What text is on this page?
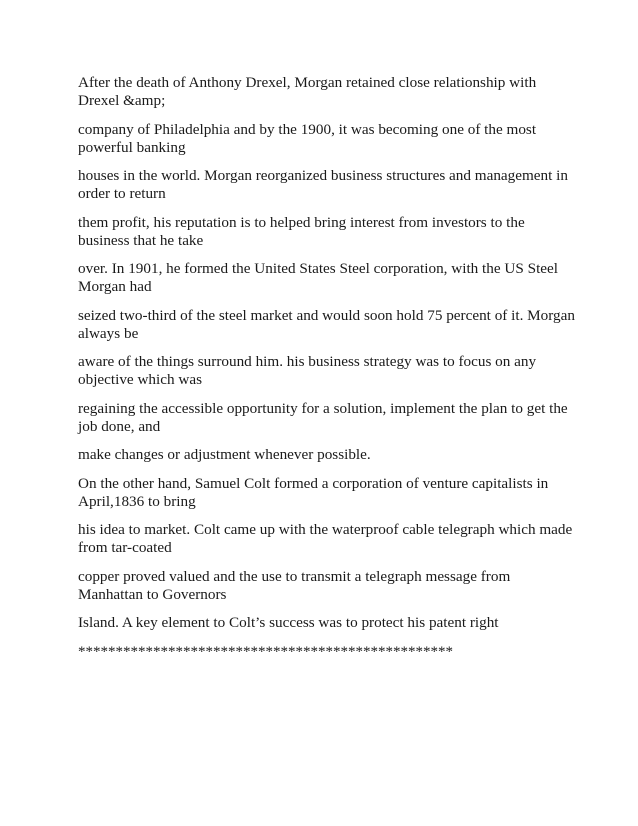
After the death of Anthony Drexel, Morgan retained close relationship with Drexel &amp;

company of Philadelphia and by the 1900, it was becoming one of the most powerful banking

houses in the world. Morgan reorganized business structures and management in order to return

them profit, his reputation is to helped bring interest from investors to the business that he take

over. In 1901, he formed the United States Steel corporation, with the US Steel Morgan had

seized two-third of the steel market and would soon hold 75 percent of it. Morgan always be

aware of the things surround him. his business strategy was to focus on any objective which was

regaining the accessible opportunity for a solution, implement the plan to get the job done, and

make changes or adjustment whenever possible.

On the other hand, Samuel Colt formed a corporation of venture capitalists in April,1836 to bring

his idea to market. Colt came up with the waterproof cable telegraph which made from tar-coated

copper proved valued and the use to transmit a telegraph message from Manhattan to Governors

Island. A key element to Colt’s success was to protect his patent right

**************************************************
